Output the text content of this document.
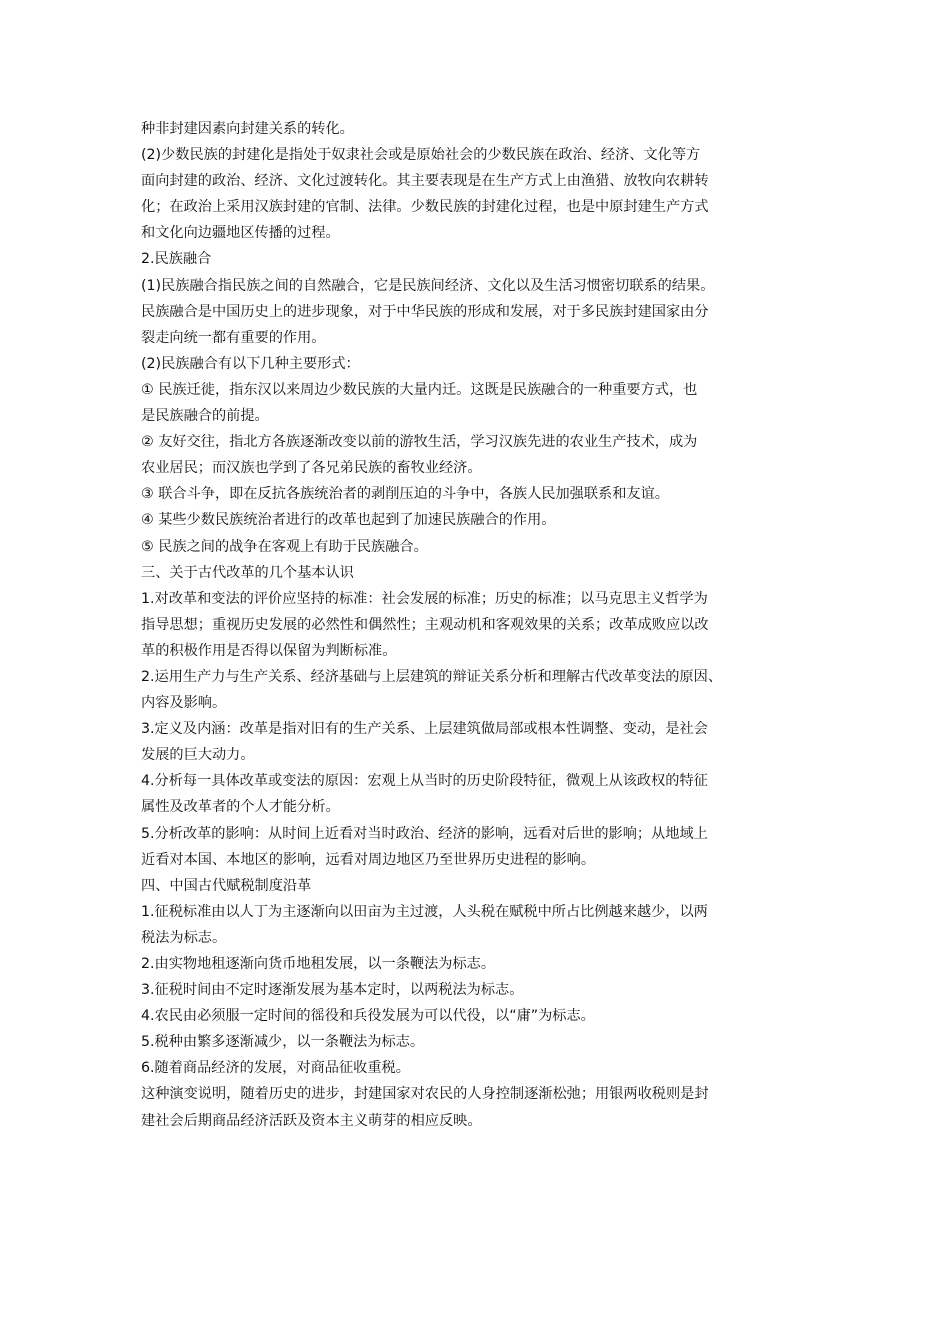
种非封建因素向封建关系的转化。

(2)少数民族的封建化是指处于奴隶社会或是原始社会的少数民族在政治、经济、文化等方

面向封建的政治、经济、文化过渡转化。其主要表现是在生产方式上由渔猎、放牧向农耕转

化；在政治上采用汉族封建的官制、法律。少数民族的封建化过程，也是中原封建生产方式

和文化向边疆地区传播的过程。

2.民族融合

(1)民族融合指民族之间的自然融合，它是民族间经济、文化以及生活习惯密切联系的结果。

民族融合是中国历史上的进步现象，对于中华民族的形成和发展，对于多民族封建国家由分

裂走向统一都有重要的作用。

(2)民族融合有以下几种主要形式：

① 民族迁徙，指东汉以来周边少数民族的大量内迁。这既是民族融合的一种重要方式，也

是民族融合的前提。

② 友好交往，指北方各族逐渐改变以前的游牧生活，学习汉族先进的农业生产技术，成为

农业居民；而汉族也学到了各兄弟民族的畜牧业经济。

③ 联合斗争，即在反抗各族统治者的剥削压迫的斗争中，各族人民加强联系和友谊。

④ 某些少数民族统治者进行的改革也起到了加速民族融合的作用。

⑤ 民族之间的战争在客观上有助于民族融合。

三、关于古代改革的几个基本认识

1.对改革和变法的评价应坚持的标准：社会发展的标准；历史的标准；以马克思主义哲学为

指导思想；重视历史发展的必然性和偶然性；主观动机和客观效果的关系；改革成败应以改

革的积极作用是否得以保留为判断标准。

2.运用生产力与生产关系、经济基础与上层建筑的辩证关系分析和理解古代改革变法的原因、

内容及影响。

3.定义及内涵：改革是指对旧有的生产关系、上层建筑做局部或根本性调整、变动，是社会

发展的巨大动力。

4.分析每一具体改革或变法的原因：宏观上从当时的历史阶段特征，微观上从该政权的特征

属性及改革者的个人才能分析。

5.分析改革的影响：从时间上近看对当时政治、经济的影响，远看对后世的影响；从地域上

近看对本国、本地区的影响，远看对周边地区乃至世界历史进程的影响。

四、中国古代赋税制度沿革

1.征税标准由以人丁为主逐渐向以田亩为主过渡，人头税在赋税中所占比例越来越少，以两

税法为标志。

2.由实物地租逐渐向货币地租发展，以一条鞭法为标志。

3.征税时间由不定时逐渐发展为基本定时，以两税法为标志。

4.农民由必须服一定时间的徭役和兵役发展为可以代役，以“庸”为标志。

5.税种由繁多逐渐减少，以一条鞭法为标志。

6.随着商品经济的发展，对商品征收重税。

这种演变说明，随着历史的进步，封建国家对农民的人身控制逐渐松弛；用银两收税则是封

建社会后期商品经济活跃及资本主义萌芽的相应反映。
